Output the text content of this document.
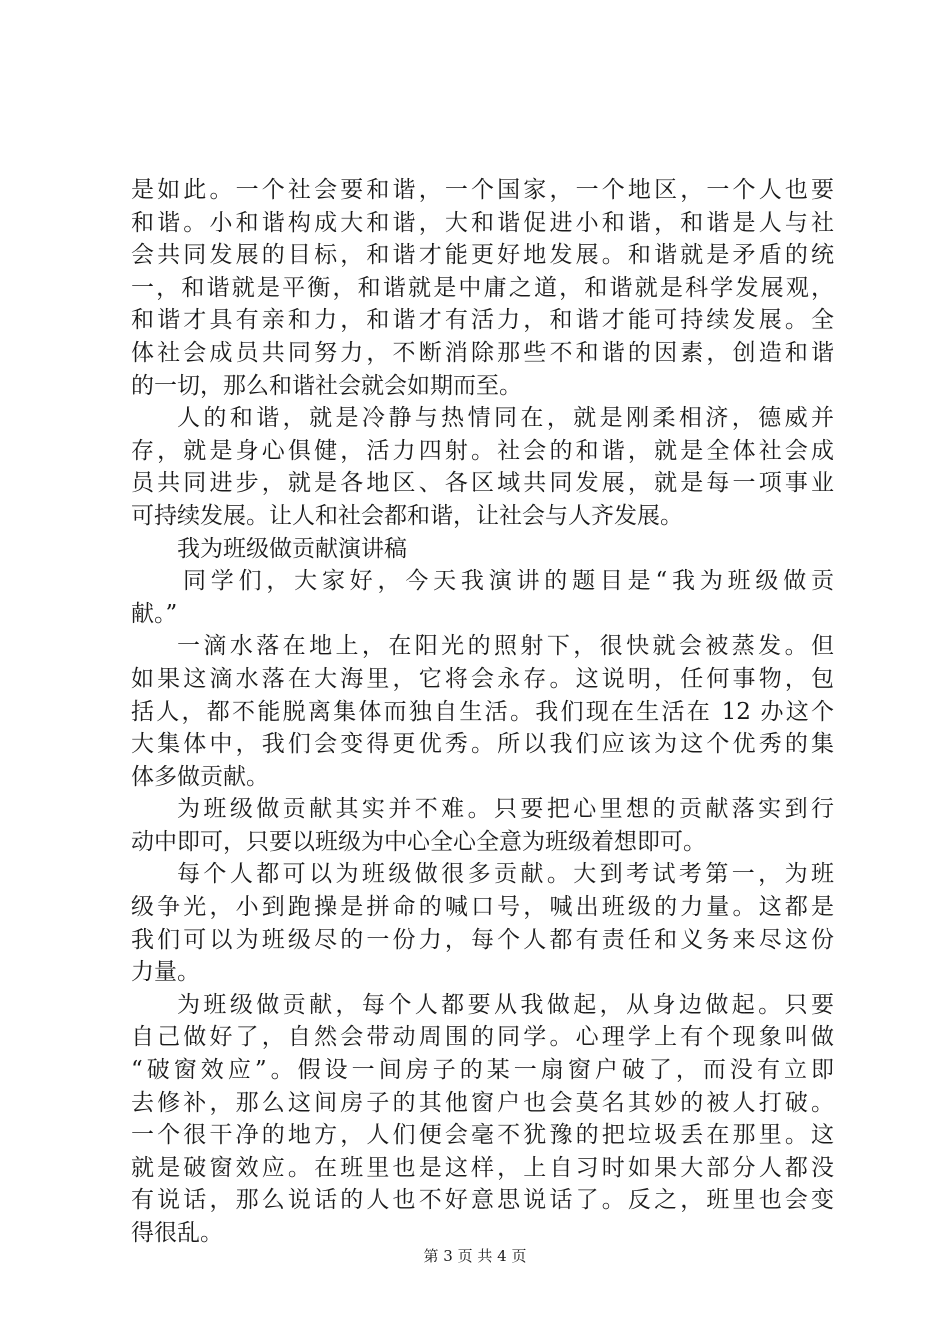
是如此。一个社会要和谐，一个国家，一个地区，一个人也要
和谐。小和谐构成大和谐，大和谐促进小和谐，和谐是人与社
会共同发展的目标，和谐才能更好地发展。和谐就是矛盾的统
一，和谐就是平衡，和谐就是中庸之道，和谐就是科学发展观，
和谐才具有亲和力，和谐才有活力，和谐才能可持续发展。全
体社会成员共同努力，不断消除那些不和谐的因素，创造和谐
的一切，那么和谐社会就会如期而至。
人的和谐，就是冷静与热情同在，就是刚柔相济，德威并
存，就是身心俱健，活力四射。社会的和谐，就是全体社会成
员共同进步，就是各地区、各区域共同发展，就是每一项事业
可持续发展。让人和社会都和谐，让社会与人齐发展。
我为班级做贡献演讲稿
同学们，大家好，今天我演讲的题目是“我为班级做贡
献。”
一滴水落在地上，在阳光的照射下，很快就会被蒸发。但
如果这滴水落在大海里，它将会永存。这说明，任何事物，包
括人，都不能脱离集体而独自生活。我们现在生活在 12 办这个
大集体中，我们会变得更优秀。所以我们应该为这个优秀的集
体多做贡献。
为班级做贡献其实并不难。只要把心里想的贡献落实到行
动中即可，只要以班级为中心全心全意为班级着想即可。
每个人都可以为班级做很多贡献。大到考试考第一，为班
级争光，小到跑操是拼命的喊口号，喊出班级的力量。这都是
我们可以为班级尽的一份力，每个人都有责任和义务来尽这份
力量。
为班级做贡献，每个人都要从我做起，从身边做起。只要
自己做好了，自然会带动周围的同学。心理学上有个现象叫做
“破窗效应”。假设一间房子的某一扇窗户破了，而没有立即
去修补，那么这间房子的其他窗户也会莫名其妙的被人打破。
一个很干净的地方，人们便会毫不犹豫的把垃圾丢在那里。这
就是破窗效应。在班里也是这样，上自习时如果大部分人都没
有说话，那么说话的人也不好意思说话了。反之，班里也会变
得很乱。
第 3 页 共 4 页
